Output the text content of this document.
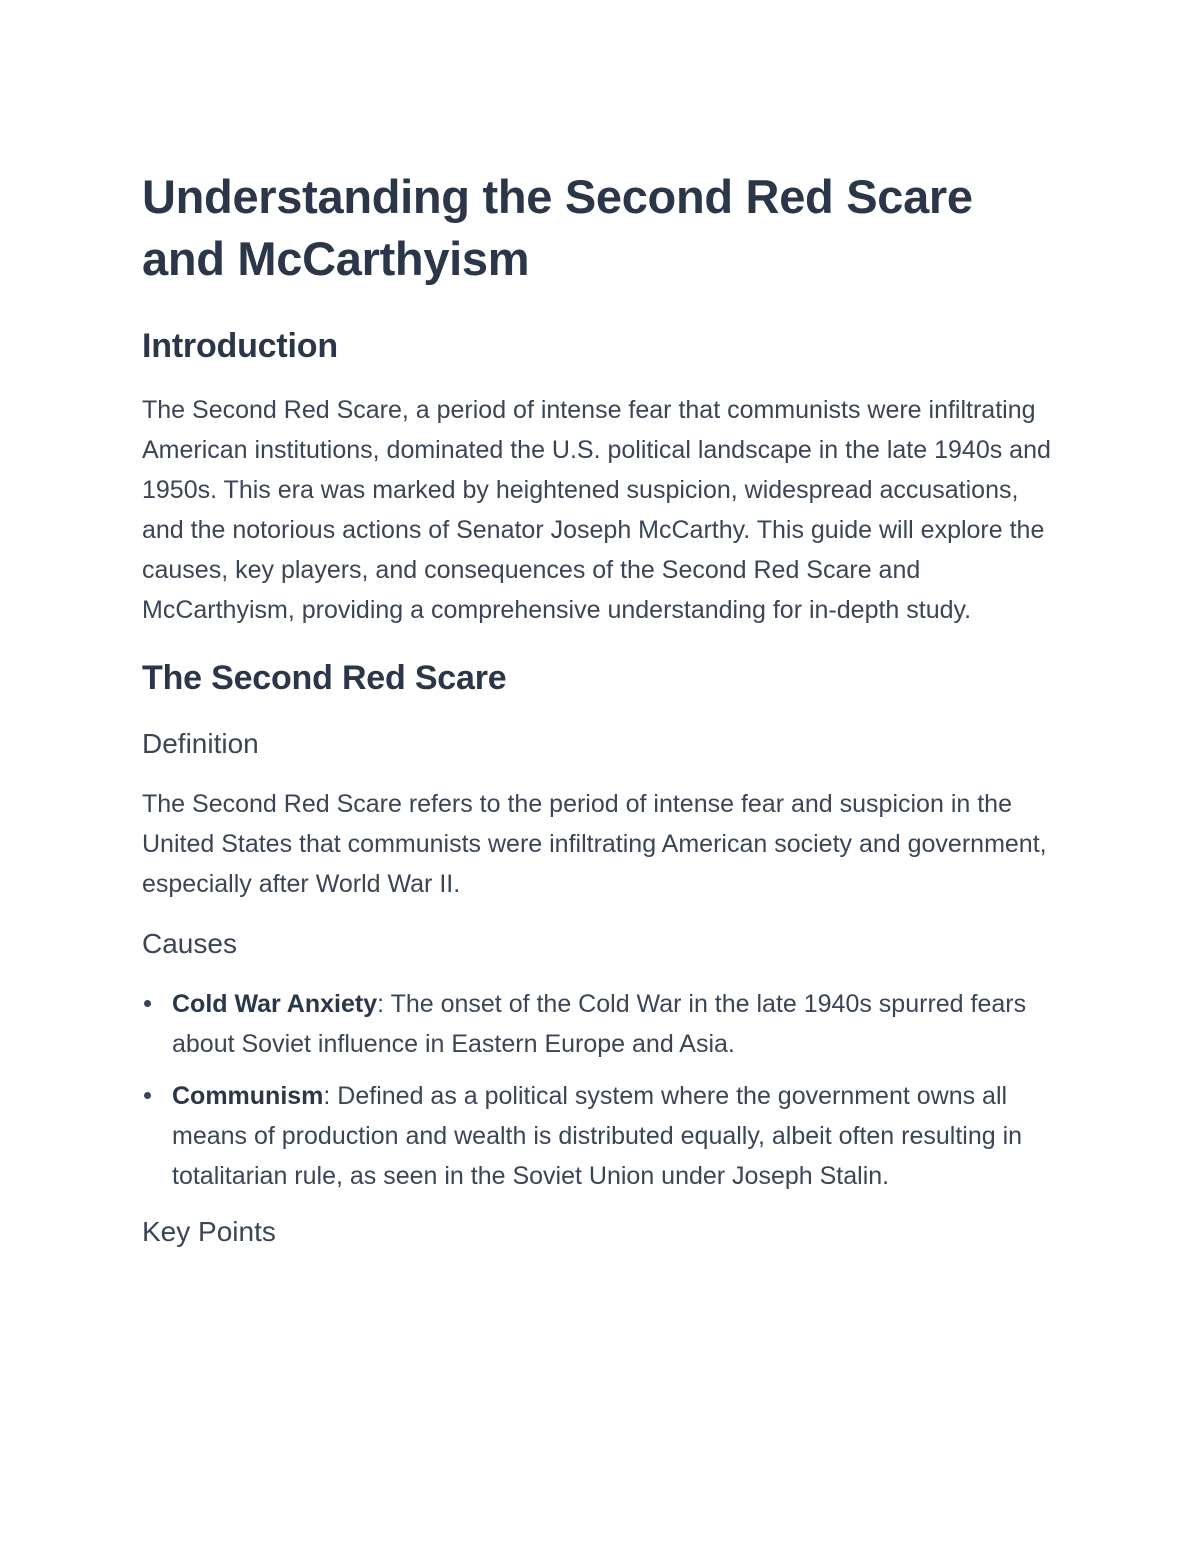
Understanding the Second Red Scare and McCarthyism
Introduction

The Second Red Scare, a period of intense fear that communists were infiltrating American institutions, dominated the U.S. political landscape in the late 1940s and 1950s. This era was marked by heightened suspicion, widespread accusations, and the notorious actions of Senator Joseph McCarthy. This guide will explore the causes, key players, and consequences of the Second Red Scare and McCarthyism, providing a comprehensive understanding for in-depth study.

The Second Red Scare
Definition

The Second Red Scare refers to the period of intense fear and suspicion in the United States that communists were infiltrating American society and government, especially after World War II.

Causes
Cold War Anxiety: The onset of the Cold War in the late 1940s spurred fears about Soviet influence in Eastern Europe and Asia.
Communism: Defined as a political system where the government owns all means of production and wealth is distributed equally, albeit often resulting in totalitarian rule, as seen in the Soviet Union under Joseph Stalin.
Key Points
